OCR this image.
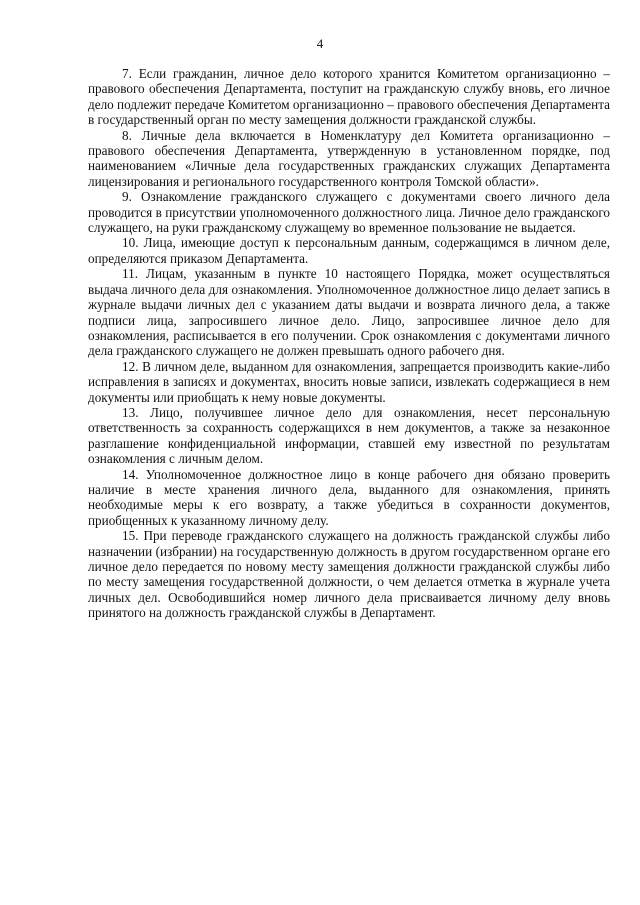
4

7. Если гражданин, личное дело которого хранится Комитетом организационно – правового обеспечения Департамента, поступит на гражданскую службу вновь, его личное дело подлежит передаче Комитетом организационно – правового обеспечения Департамента в государственный орган по месту замещения должности гражданской службы.

8. Личные дела включается в Номенклатуру дел Комитета организационно – правового обеспечения Департамента, утвержденную в установленном порядке, под наименованием «Личные дела государственных гражданских служащих Департамента лицензирования и регионального государственного контроля Томской области».

9. Ознакомление гражданского служащего с документами своего личного дела проводится в присутствии уполномоченного должностного лица. Личное дело гражданского служащего, на руки гражданскому служащему во временное пользование не выдается.

10. Лица, имеющие доступ к персональным данным, содержащимся в личном деле, определяются приказом Департамента.

11. Лицам, указанным в пункте 10 настоящего Порядка, может осуществляться выдача личного дела для ознакомления. Уполномоченное должностное лицо делает запись в журнале выдачи личных дел с указанием даты выдачи и возврата личного дела, а также подписи лица, запросившего личное дело. Лицо, запросившее личное дело для ознакомления, расписывается в его получении. Срок ознакомления с документами личного дела гражданского служащего не должен превышать одного рабочего дня.

12. В личном деле, выданном для ознакомления, запрещается производить какие-либо исправления в записях и документах, вносить новые записи, извлекать содержащиеся в нем документы или приобщать к нему новые документы.

13. Лицо, получившее личное дело для ознакомления, несет персональную ответственность за сохранность содержащихся в нем документов, а также за незаконное разглашение конфиденциальной информации, ставшей ему известной по результатам ознакомления с личным делом.

14. Уполномоченное должностное лицо в конце рабочего дня обязано проверить наличие в месте хранения личного дела, выданного для ознакомления, принять необходимые меры к его возврату, а также убедиться в сохранности документов, приобщенных к указанному личному делу.

15. При переводе гражданского служащего на должность гражданской службы либо назначении (избрании) на государственную должность в другом государственном органе его личное дело передается по новому месту замещения должности гражданской службы либо по месту замещения государственной должности, о чем делается отметка в журнале учета личных дел. Освободившийся номер личного дела присваивается личному делу вновь принятого на должность гражданской службы в Департамент.
